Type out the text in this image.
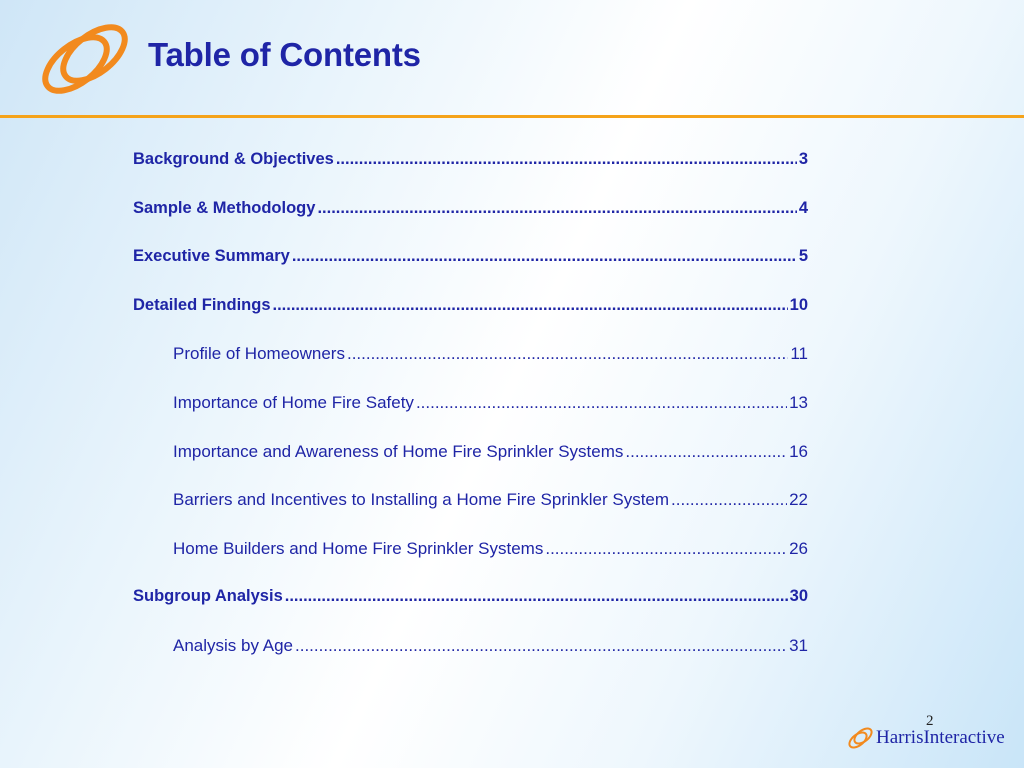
Table of Contents
Background & Objectives .....	3
Sample & Methodology .....	4
Executive Summary .....	5
Detailed Findings .....	10
Profile of Homeowners .....	11
Importance of Home Fire Safety .....	13
Importance and Awareness of Home Fire Sprinkler Systems .....	16
Barriers and Incentives to Installing a Home Fire Sprinkler System .....	22
Home Builders and Home Fire Sprinkler Systems .....	26
Subgroup Analysis .....	30
Analysis by Age .....	31
2
HarrisInteractive
